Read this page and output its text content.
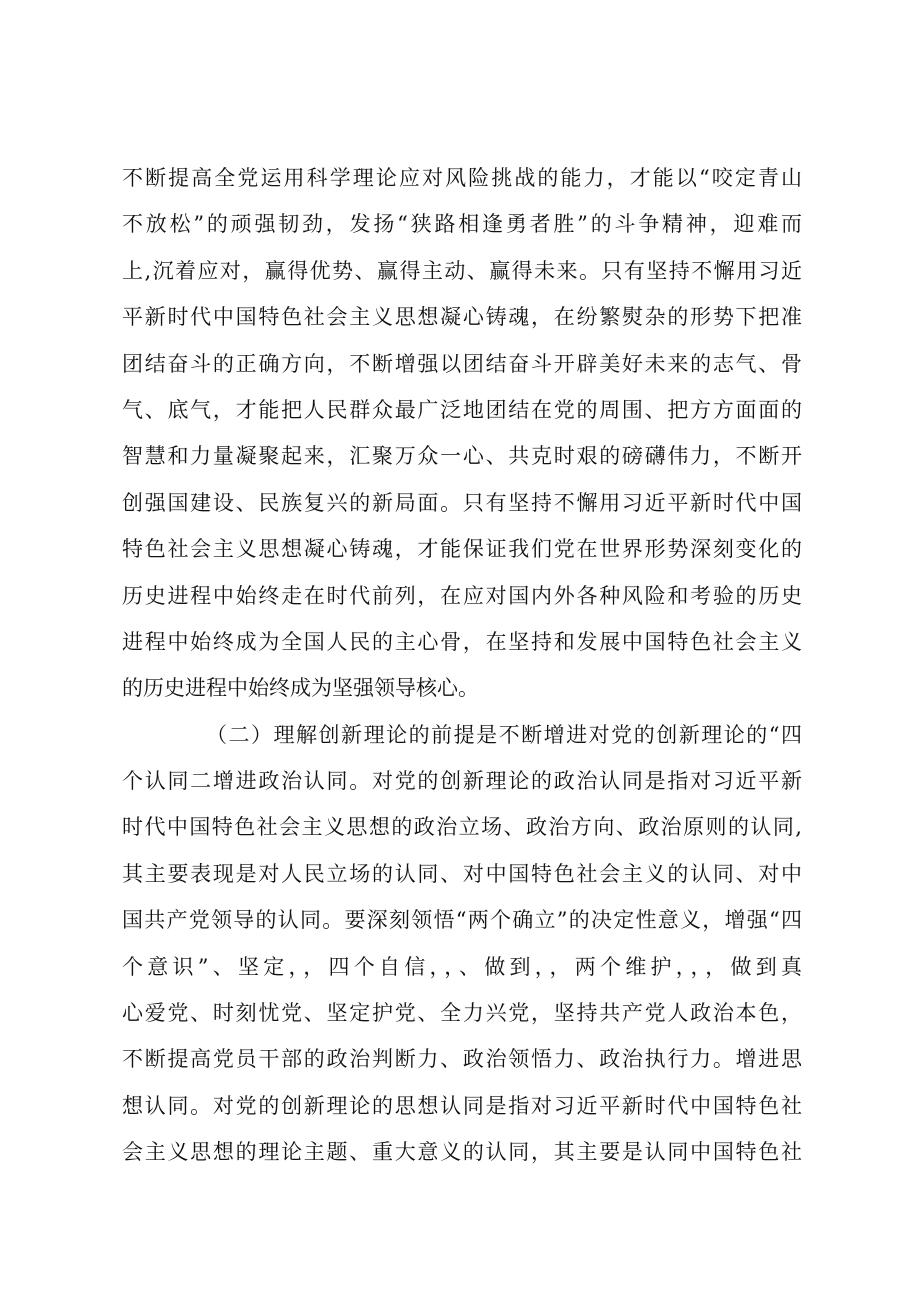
不断提高全党运用科学理论应对风险挑战的能力，才能以“咬定青山
不放松”的顽强韧劲，发扬“狭路相逢勇者胜”的斗争精神，迎难而
上,沉着应对，赢得优势、赢得主动、赢得未来。只有坚持不懈用习近
平新时代中国特色社会主义思想凝心铸魂，在纷繁熨杂的形势下把准
团结奋斗的正确方向，不断增强以团结奋斗开辟美好未来的志气、骨
气、底气，才能把人民群众最广泛地团结在党的周围、把方方面面的
智慧和力量凝聚起来，汇聚万众一心、共克时艰的磅礴伟力，不断开
创强国建设、民族复兴的新局面。只有坚持不懈用习近平新时代中国
特色社会主义思想凝心铸魂，才能保证我们党在世界形势深刻变化的
历史进程中始终走在时代前列，在应对国内外各种风险和考验的历史
进程中始终成为全国人民的主心骨，在坚持和发展中国特色社会主义
的历史进程中始终成为坚强领导核心。
（二）理解创新理论的前提是不断增进对党的创新理论的“四
个认同二增进政治认同。对党的创新理论的政治认同是指对习近平新
时代中国特色社会主义思想的政治立场、政治方向、政治原则的认同,
其主要表现是对人民立场的认同、对中国特色社会主义的认同、对中
国共产党领导的认同。要深刻领悟“两个确立”的决定性意义，增强“四
个意识”、坚定，，四个自信，，、做到，，两个维护，，，做到真
心爱党、时刻忧党、坚定护党、全力兴党，坚持共产党人政治本色，
不断提高党员干部的政治判断力、政治领悟力、政治执行力。增进思
想认同。对党的创新理论的思想认同是指对习近平新时代中国特色社
会主义思想的理论主题、重大意义的认同，其主要是认同中国特色社
